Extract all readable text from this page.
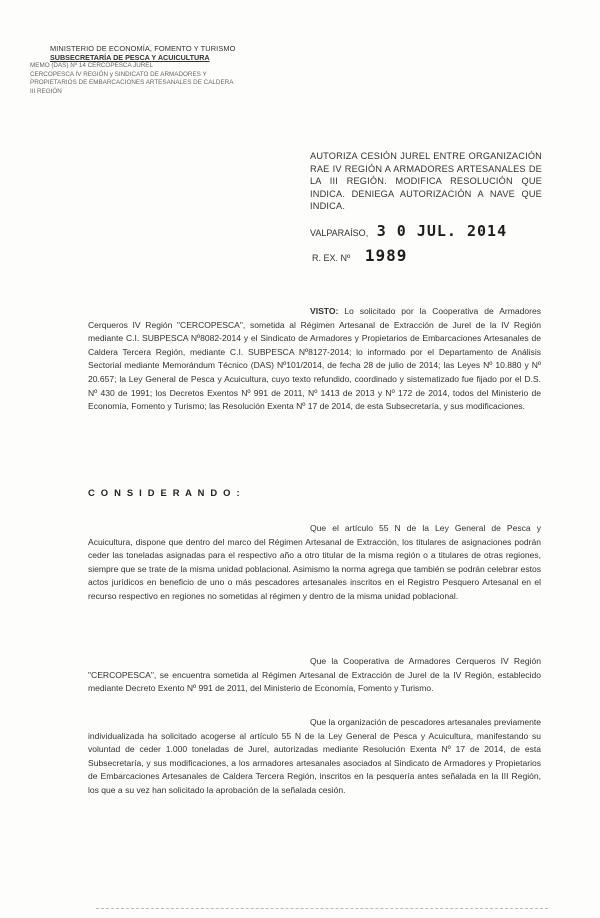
MINISTERIO DE ECONOMÍA, FOMENTO Y TURISMO
SUBSECRETARÍA DE PESCA Y ACUICULTURA
MEMO (DAS) Nº 14 CERCOPESCA JUREL
CERCOPESCA IV REGIÓN y SINDICATO DE ARMADORES Y
PROPIETARIOS DE EMBARCACIONES ARTESANALES DE CALDERA
III REGIÓN
AUTORIZA CESIÓN JUREL ENTRE ORGANIZACIÓN RAE IV REGIÓN A ARMADORES ARTESANALES DE LA III REGIÓN. MODIFICA RESOLUCIÓN QUE INDICA. DENIEGA AUTORIZACIÓN A NAVE QUE INDICA.
VALPARAÍSO, 3 0 JUL. 2014
R. EX. Nº 1989
VISTO: Lo solicitado por la Cooperativa de Armadores Cerqueros IV Región "CERCOPESCA", sometida al Régimen Artesanal de Extracción de Jurel de la IV Región mediante C.I. SUBPESCA Nº8082-2014 y el Sindicato de Armadores y Propietarios de Embarcaciones Artesanales de Caldera Tercera Región, mediante C.I. SUBPESCA Nº8127-2014; lo informado por el Departamento de Análisis Sectorial mediante Memorándum Técnico (DAS) Nº101/2014, de fecha 28 de julio de 2014; las Leyes Nº 10.880 y Nº 20.657; la Ley General de Pesca y Acuicultura, cuyo texto refundido, coordinado y sistematizado fue fijado por el D.S. Nº 430 de 1991; los Decretos Exentos Nº 991 de 2011, Nº 1413 de 2013 y Nº 172 de 2014, todos del Ministerio de Economía, Fomento y Turismo; las Resolución Exenta Nº 17 de 2014, de esta Subsecretaría, y sus modificaciones.
C O N S I D E R A N D O :
Que el artículo 55 N de la Ley General de Pesca y Acuicultura, dispone que dentro del marco del Régimen Artesanal de Extracción, los titulares de asignaciones podrán ceder las toneladas asignadas para el respectivo año a otro titular de la misma región o a titulares de otras regiones, siempre que se trate de la misma unidad poblacional. Asimismo la norma agrega que también se podrán celebrar estos actos jurídicos en beneficio de uno o más pescadores artesanales inscritos en el Registro Pesquero Artesanal en el recurso respectivo en regiones no sometidas al régimen y dentro de la misma unidad poblacional.
Que la Cooperativa de Armadores Cerqueros IV Región "CERCOPESCA", se encuentra sometida al Régimen Artesanal de Extracción de Jurel de la IV Región, establecido mediante Decreto Exento Nº 991 de 2011, del Ministerio de Economía, Fomento y Turismo.
Que la organización de pescadores artesanales previamente individualizada ha solicitado acogerse al artículo 55 N de la Ley General de Pesca y Acuicultura, manifestando su voluntad de ceder 1.000 toneladas de Jurel, autorizadas mediante Resolución Exenta Nº 17 de 2014, de esta Subsecretaría, y sus modificaciones, a los armadores artesanales asociados al Sindicato de Armadores y Propietarios de Embarcaciones Artesanales de Caldera Tercera Región, inscritos en la pesquería antes señalada en la III Región, los que a su vez han solicitado la aprobación de la señalada cesión.
